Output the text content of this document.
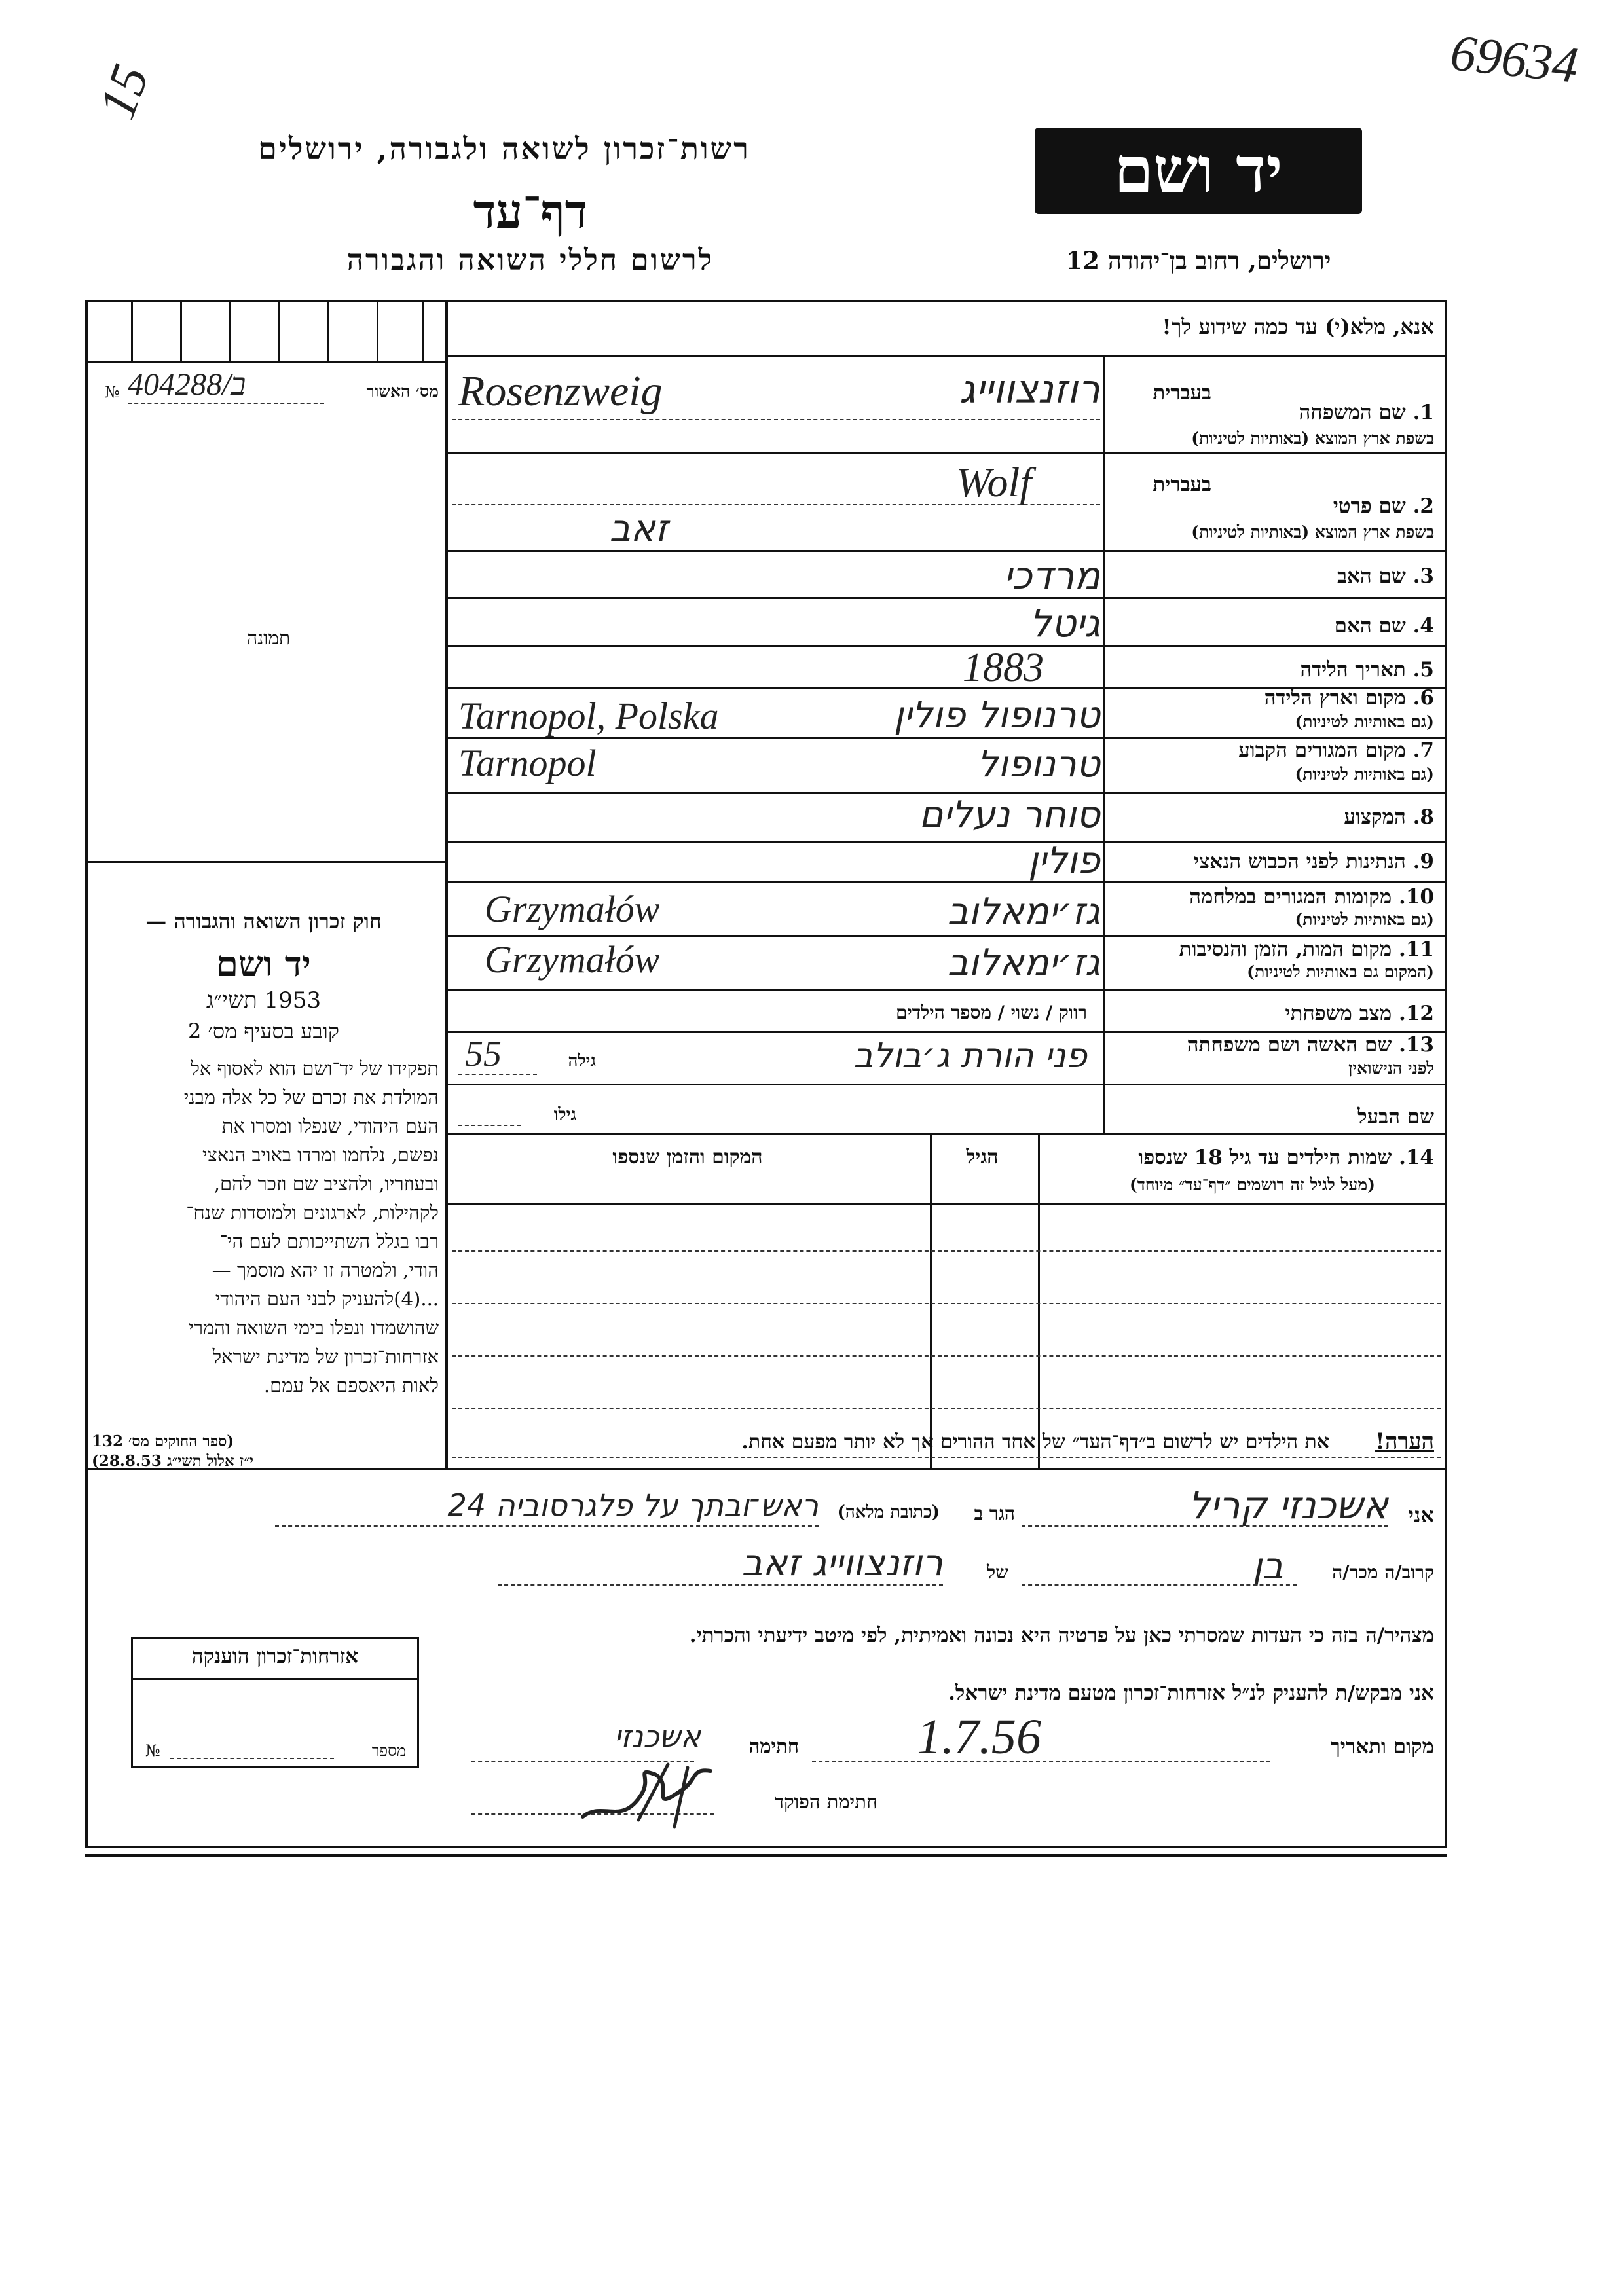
69634
15
רשות־זכרון לשואה ולגבורה, ירושלים
דף־עד
לרשום חללי השואה והגבורה
יד ושם
ירושלים, רחוב בן־יהודה 12
אנא, מלא(י) עד כמה שידוע לך!
מס׳ האשור
404288/ב
№
תמונה
חוק זכרון השואה והגבורה —
יד ושם
1953 תשי״ג
קובע בסעיף מס׳ 2
תפקידו של יד־ושם הוא לאסוף אל
המולדת את זכרם של כל אלה מבני
העם היהודי, שנפלו ומסרו את
נפשם, נלחמו ומרדו באויב הנאצי
ובעוזריו, ולהציב שם וזכר להם,
לקהילות, לארגונים ולמוסדות שנח־
רבו בגלל השתייכותם לעם הי־
הודי, ולמטרה זו יהא מוסמך —
...(4)להעניק לבני העם היהודי
שהושמדו ונפלו בימי השואה והמרי
אזרחות־זכרון של מדינת ישראל
לאות היאספם אל עמם.
(ספר החוקים מס׳ 132
י״ז אלול תשי״ג 28.8.53)
בעברית
1. שם המשפחה
בשפת ארץ המוצא (באותיות לטיניות)
רוזנצווייג
Rosenzweig
בעברית
2. שם פרטי
בשפת ארץ המוצא (באותיות לטיניות)
Wolf
זאב
3. שם האב
מרדכי
4. שם האם
גיטל
5. תאריך הלידה
1883
6. מקום וארץ הלידה
(גם באותיות לטיניות)
טרנופול פולין
Tarnopol, Polska
7. מקום המגורים הקבוע
(גם באותיות לטיניות)
טרנופול
Tarnopol
8. המקצוע
סוחר נעלים
9. הנתינות לפני הכבוש הנאצי
פולין
10. מקומות המגורים במלחמה
(גם באותיות לטיניות)
גז׳ימאלוב
Grzymałów
11. מקום המות, הזמן והנסיבות
(המקום גם באותיות לטיניות)
גז׳ימאלוב
Grzymałów
12. מצב משפחתי
רווק / נשוי / מספר הילדים
13. שם האשה ושם משפחתה
לפני הנישואין
פני הורת ג׳בולב
גילה
55
שם הבעל
גילו
14. שמות הילדים עד גיל 18 שנספו
(מעל לגיל זה רושמים ״דף־עד״ מיוחד)
הגיל
המקום והזמן שנספו
הערה!
את הילדים יש לרשום ב״דף־העד״ של אחד ההורים אך לא יותר מפעם אחת.
אני
אשכנזי קריל
הגר ב
(כתובת מלאה)
ראש־ובתך על פלגרסוביה 24
קרוב/ה מכר/ה
בן
של
רוזנצווייג זאב
מצהיר/ה בזה כי העדות שמסרתי כאן על פרטיה היא נכונה ואמיתית, לפי מיטב ידיעתי והכרתי.
אזרחות־זכרון הוענקה
מספר
№
אני מבקש/ת להעניק לנ״ל אזרחות־זכרון מטעם מדינת ישראל.
מקום ותאריך
1.7.56
חתימה
אשכנזי
חתימת הפוקד
